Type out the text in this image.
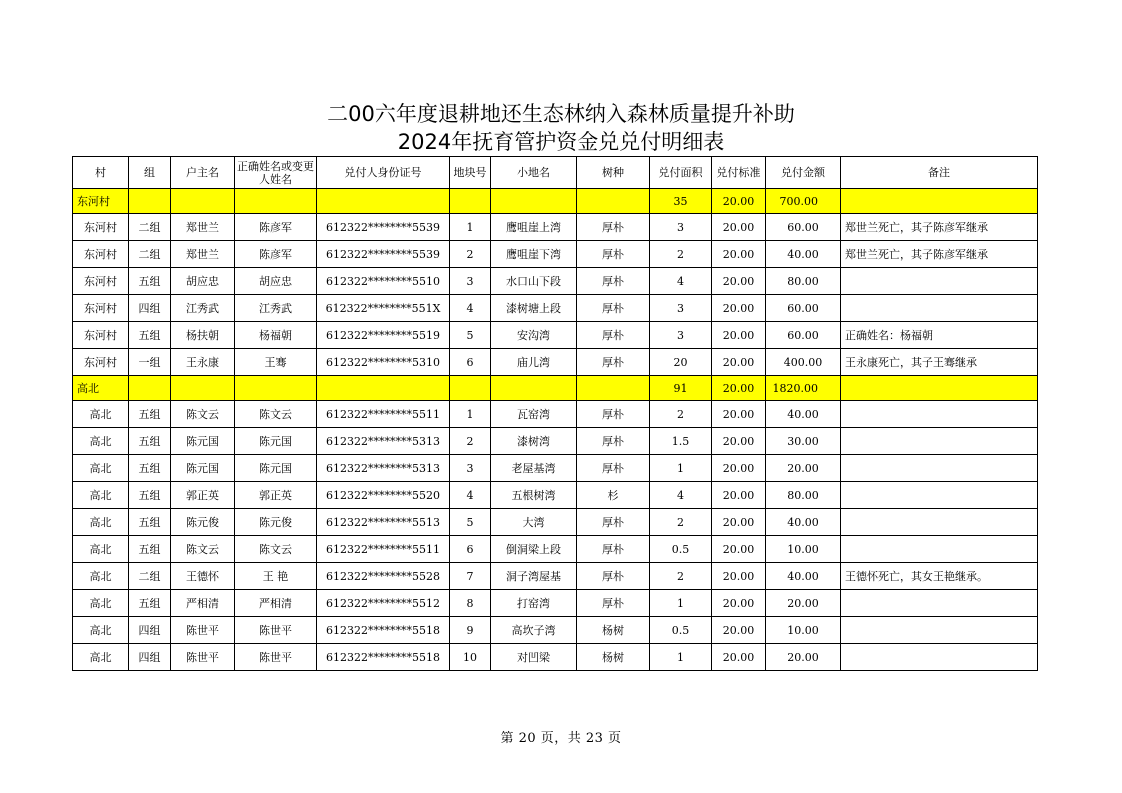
二00六年度退耕地还生态林纳入森林质量提升补助
2024年抚育管护资金兑兑付明细表
村	组	户主名	正确姓名或变更人姓名	兑付人身份证号	地块号	小地名	树种	兑付面积	兑付标准	兑付金额	备注
东河村								35	20.00	700.00	
东河村	二组	郑世兰	陈彦军	612322********5539	1	鹰咀崖上湾	厚朴	3	20.00	60.00	郑世兰死亡，其子陈彦军继承
东河村	二组	郑世兰	陈彦军	612322********5539	2	鹰咀崖下湾	厚朴	2	20.00	40.00	郑世兰死亡，其子陈彦军继承
东河村	五组	胡应忠	胡应忠	612322********5510	3	水口山下段	厚朴	4	20.00	80.00	
东河村	四组	江秀武	江秀武	612322********551X	4	漆树塘上段	厚朴	3	20.00	60.00	
东河村	五组	杨扶朝	杨福朝	612322********5519	5	安沟湾	厚朴	3	20.00	60.00	正确姓名：杨福朝
东河村	一组	王永康	王骞	612322********5310	6	庙儿湾	厚朴	20	20.00	400.00	王永康死亡，其子王骞继承
高北								91	20.00	1820.00	
高北	五组	陈文云	陈文云	612322********5511	1	瓦窑湾	厚朴	2	20.00	40.00	
高北	五组	陈元国	陈元国	612322********5313	2	漆树湾	厚朴	1.5	20.00	30.00	
高北	五组	陈元国	陈元国	612322********5313	3	老屋基湾	厚朴	1	20.00	20.00	
高北	五组	郭正英	郭正英	612322********5520	4	五根树湾	杉	4	20.00	80.00	
高北	五组	陈元俊	陈元俊	612322********5513	5	大湾	厚朴	2	20.00	40.00	
高北	五组	陈文云	陈文云	612322********5511	6	倒洞梁上段	厚朴	0.5	20.00	10.00	
高北	二组	王德怀	王 艳	612322********5528	7	洞子湾屋基	厚朴	2	20.00	40.00	王德怀死亡，其女王艳继承。
高北	五组	严相清	严相清	612322********5512	8	打窑湾	厚朴	1	20.00	20.00	
高北	四组	陈世平	陈世平	612322********5518	9	高坎子湾	杨树	0.5	20.00	10.00	
高北	四组	陈世平	陈世平	612322********5518	10	对凹梁	杨树	1	20.00	20.00	
第 20 页，共 23 页
